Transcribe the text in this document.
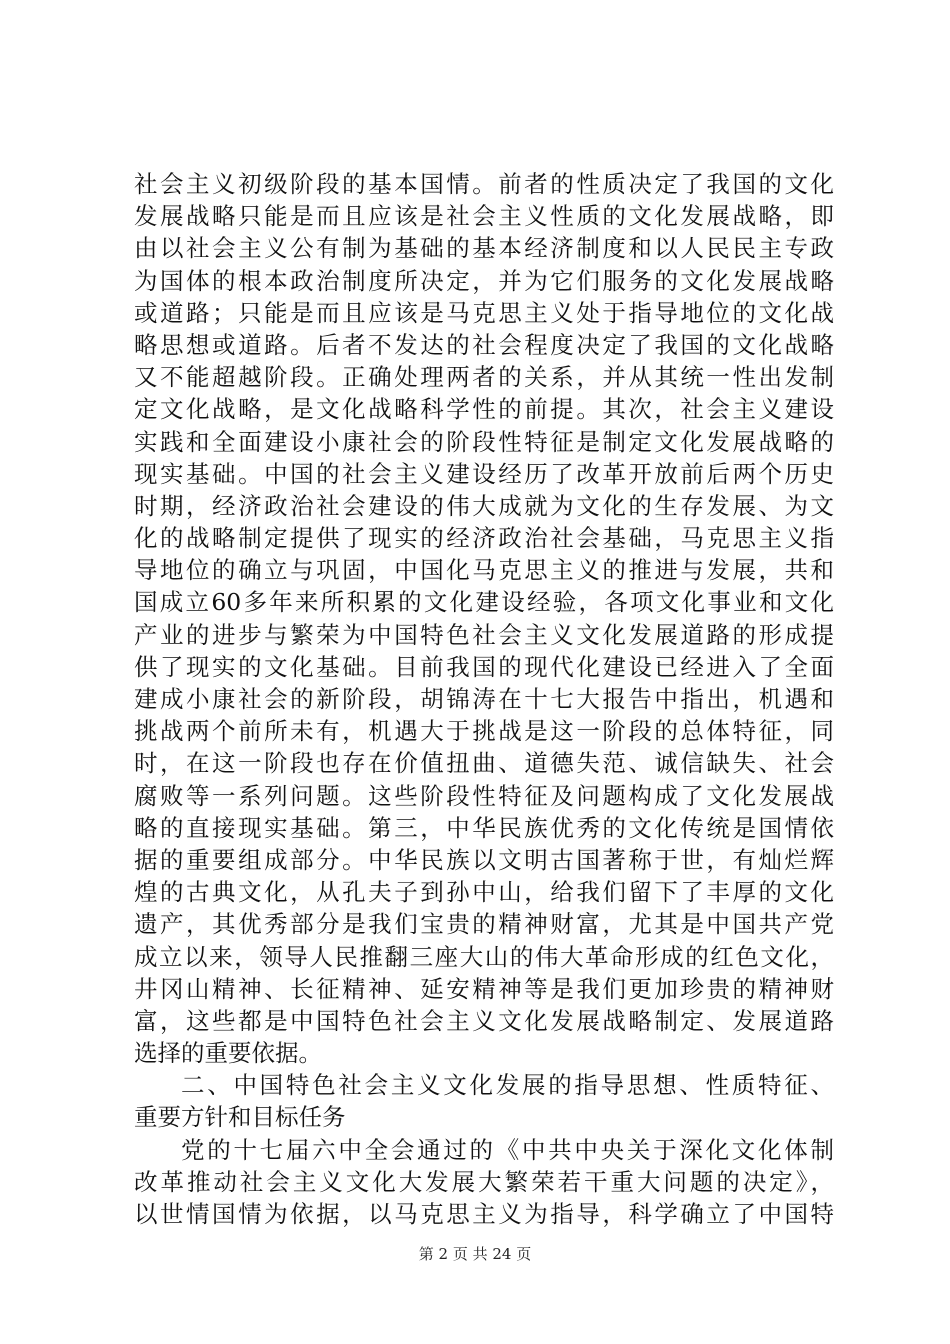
社会主义初级阶段的基本国情。前者的性质决定了我国的文化
发展战略只能是而且应该是社会主义性质的文化发展战略，即
由以社会主义公有制为基础的基本经济制度和以人民民主专政
为国体的根本政治制度所决定，并为它们服务的文化发展战略
或道路；只能是而且应该是马克思主义处于指导地位的文化战
略思想或道路。后者不发达的社会程度决定了我国的文化战略
又不能超越阶段。正确处理两者的关系，并从其统一性出发制
定文化战略，是文化战略科学性的前提。其次，社会主义建设
实践和全面建设小康社会的阶段性特征是制定文化发展战略的
现实基础。中国的社会主义建设经历了改革开放前后两个历史
时期，经济政治社会建设的伟大成就为文化的生存发展、为文
化的战略制定提供了现实的经济政治社会基础，马克思主义指
导地位的确立与巩固，中国化马克思主义的推进与发展，共和
国成立60多年来所积累的文化建设经验，各项文化事业和文化
产业的进步与繁荣为中国特色社会主义文化发展道路的形成提
供了现实的文化基础。目前我国的现代化建设已经进入了全面
建成小康社会的新阶段，胡锦涛在十七大报告中指出，机遇和
挑战两个前所未有，机遇大于挑战是这一阶段的总体特征，同
时，在这一阶段也存在价值扭曲、道德失范、诚信缺失、社会
腐败等一系列问题。这些阶段性特征及问题构成了文化发展战
略的直接现实基础。第三，中华民族优秀的文化传统是国情依
据的重要组成部分。中华民族以文明古国著称于世，有灿烂辉
煌的古典文化，从孔夫子到孙中山，给我们留下了丰厚的文化
遗产，其优秀部分是我们宝贵的精神财富，尤其是中国共产党
成立以来，领导人民推翻三座大山的伟大革命形成的红色文化，
井冈山精神、长征精神、延安精神等是我们更加珍贵的精神财
富，这些都是中国特色社会主义文化发展战略制定、发展道路
选择的重要依据。
二、中国特色社会主义文化发展的指导思想、性质特征、
重要方针和目标任务
党的十七届六中全会通过的《中共中央关于深化文化体制
改革推动社会主义文化大发展大繁荣若干重大问题的决定》，
以世情国情为依据，以马克思主义为指导，科学确立了中国特
第 2 页 共 24 页
